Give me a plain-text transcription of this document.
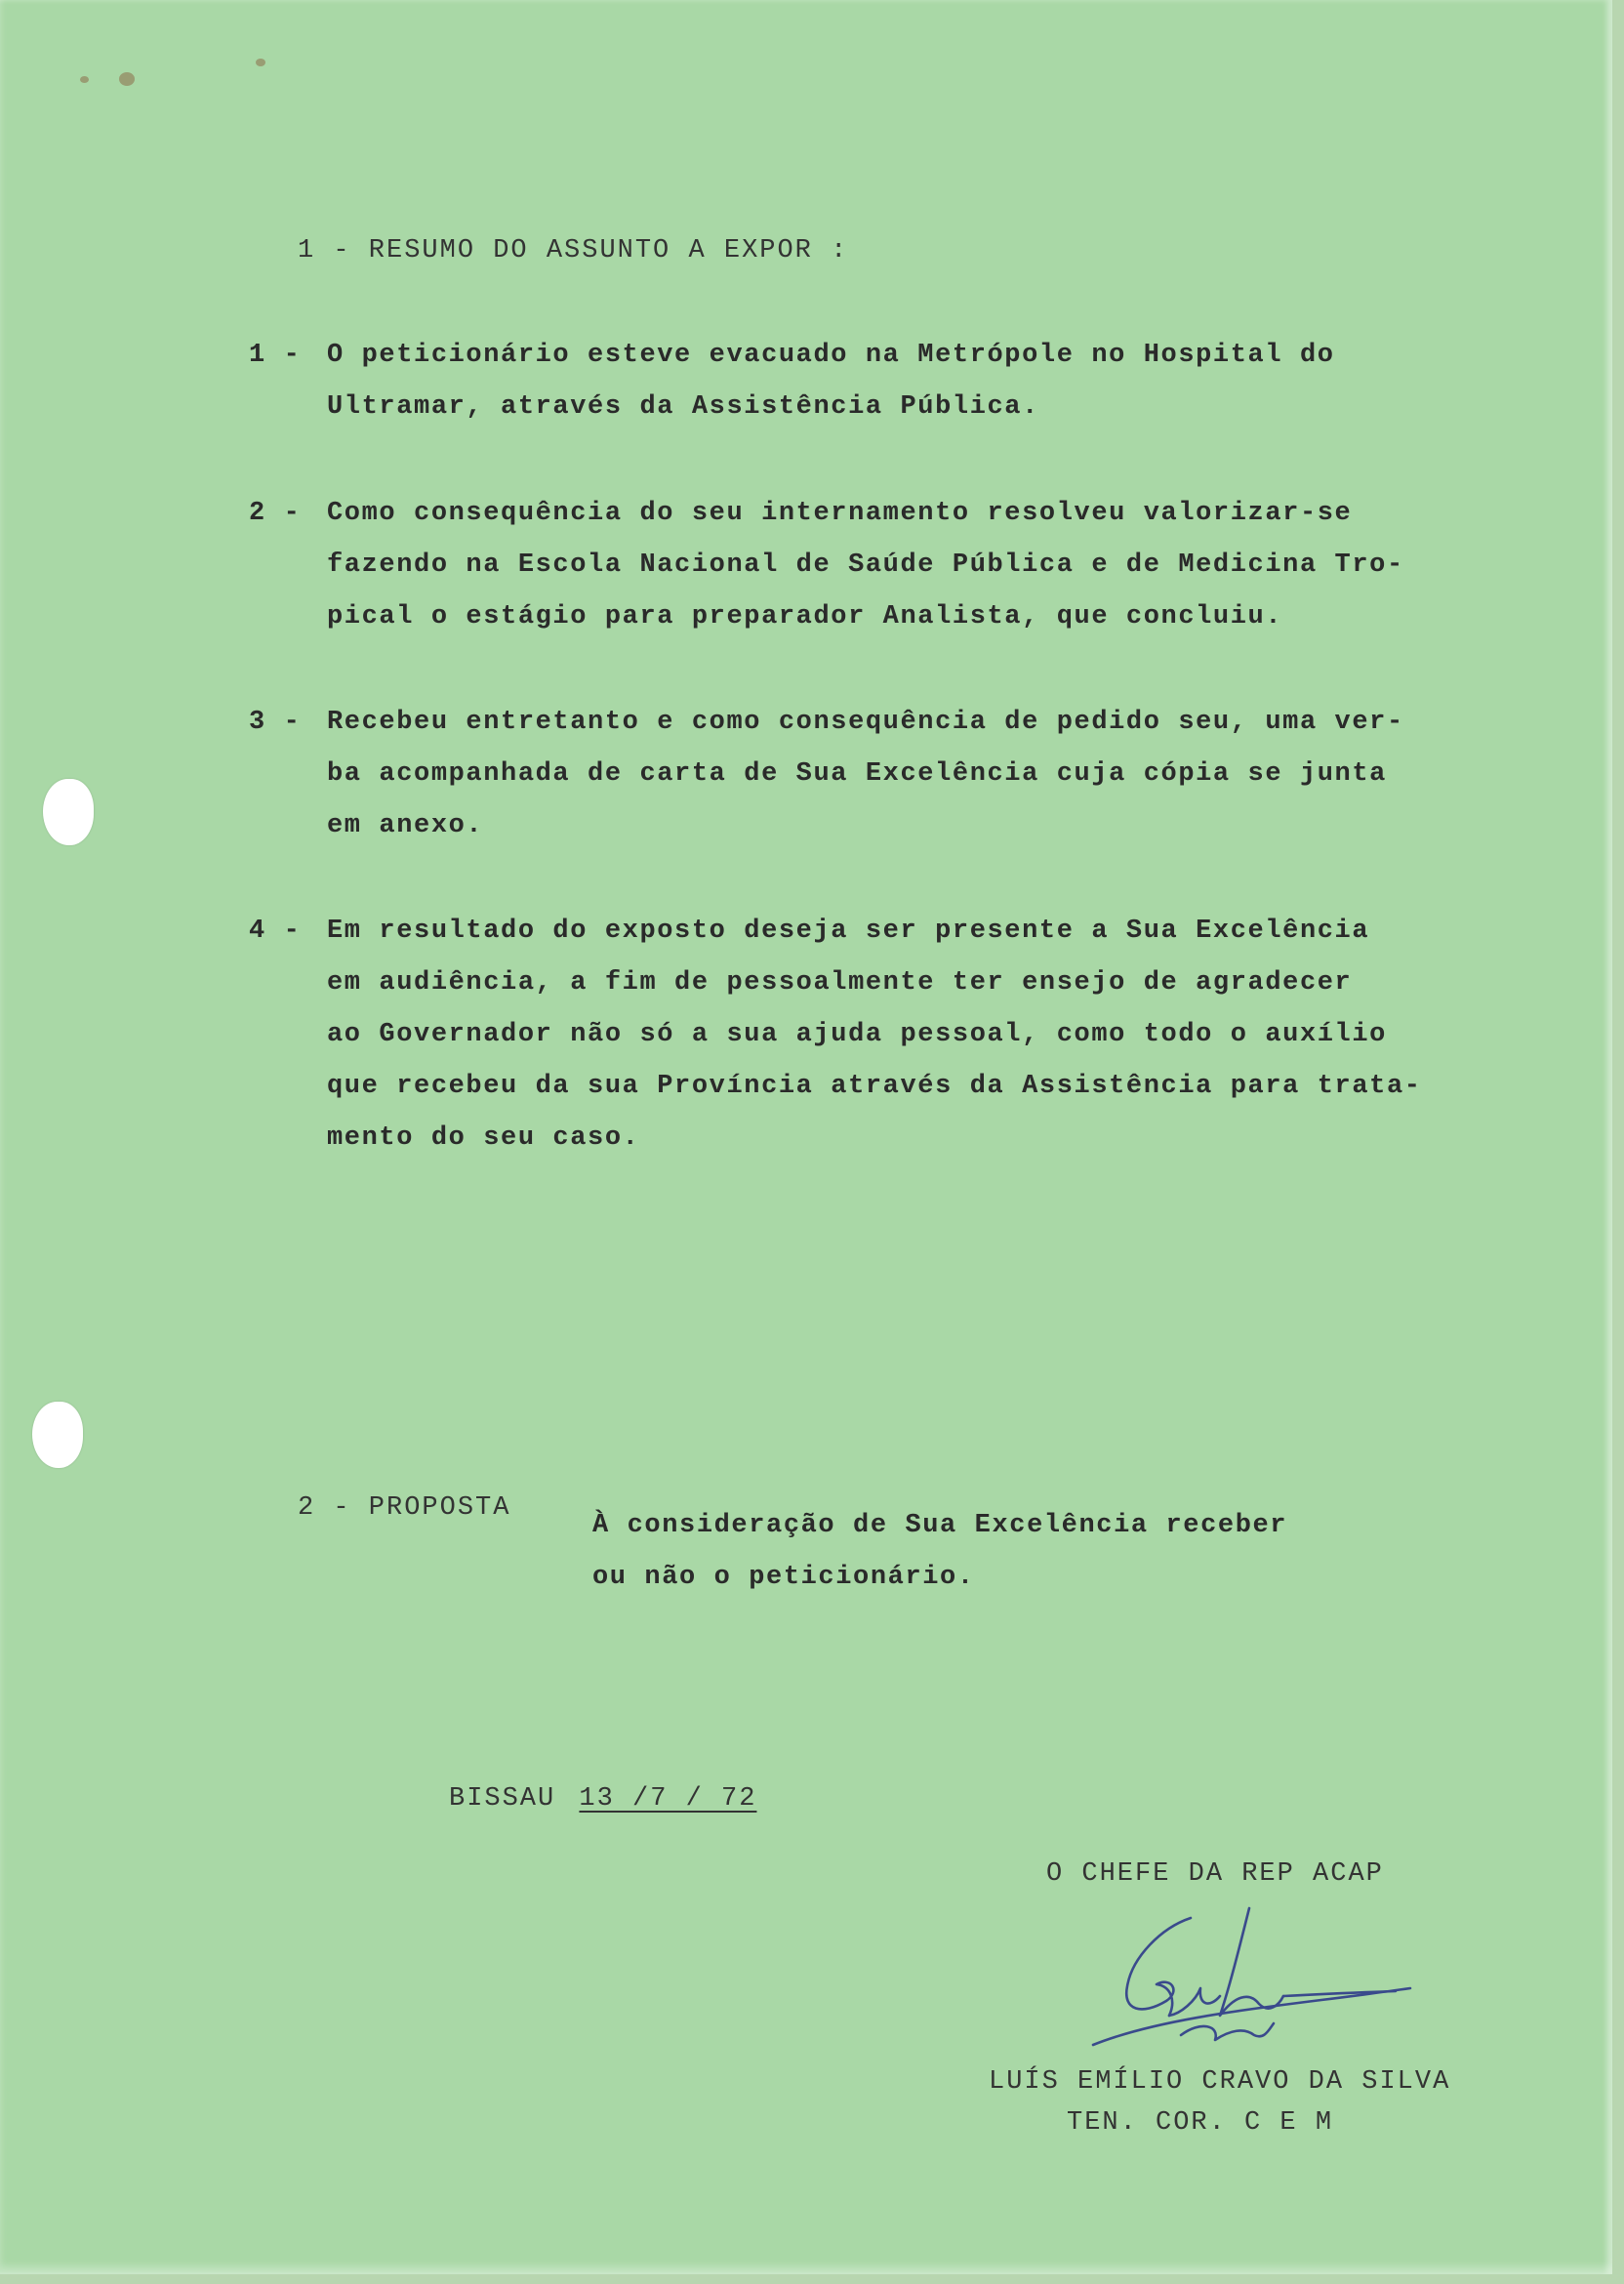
1 - RESUMO DO ASSUNTO A EXPOR :
1 - O peticionário esteve evacuado na Metrópole no Hospital do
Ultramar, através da Assistência Pública.
2 - Como consequência do seu internamento resolveu valorizar-se
fazendo na Escola Nacional de Saúde Pública e de Medicina Tro-
pical o estágio para preparador Analista, que concluiu.
3 - Recebeu entretanto e como consequência de pedido seu, uma ver-
ba acompanhada de carta de Sua Excelência cuja cópia se junta
em anexo.
4 - Em resultado do exposto deseja ser presente a Sua Excelência
em audiência, a fim de pessoalmente ter ensejo de agradecer
ao Governador não só a sua ajuda pessoal, como todo o auxílio
que recebeu da sua Província através da Assistência para trata-
mento do seu caso.
2 - PROPOSTA
À consideração de Sua Excelência receber
ou não o peticionário.
BISSAU 13 /7 / 72
O CHEFE DA REP ACAP
LUÍS EMÍLIO CRAVO DA SILVA
TEN. COR. C E M
